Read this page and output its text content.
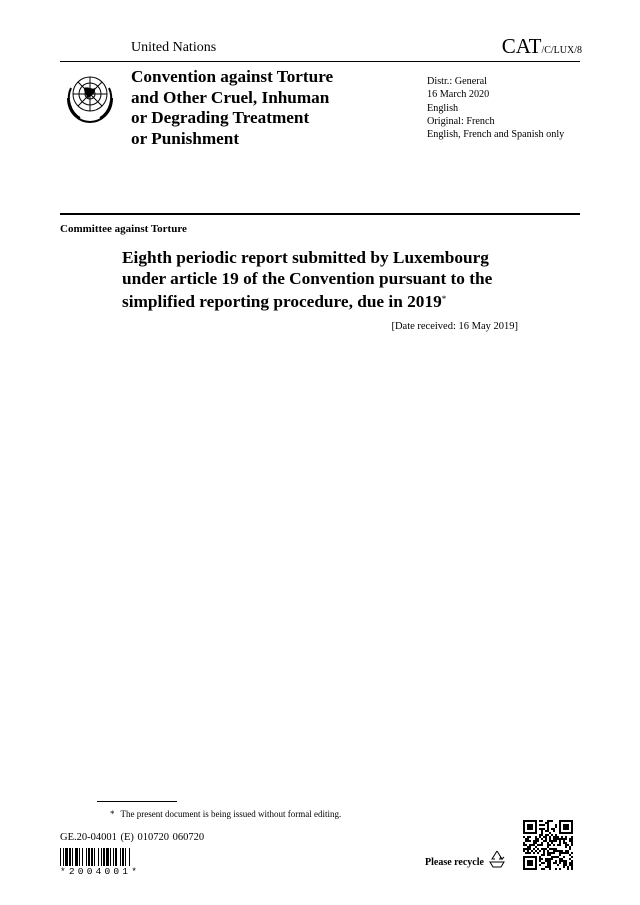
United Nations	CAT/C/LUX/8
Convention against Torture
and Other Cruel, Inhuman
or Degrading Treatment
or Punishment
Distr.: General
16 March 2020
English
Original: French
English, French and Spanish only
Committee against Torture
Eighth periodic report submitted by Luxembourg
under article 19 of the Convention pursuant to the
simplified reporting procedure, due in 2019*
[Date received: 16 May 2019]
* The present document is being issued without formal editing.
GE.20-04001 (E) 010720 060720
*2004001*
Please recycle
